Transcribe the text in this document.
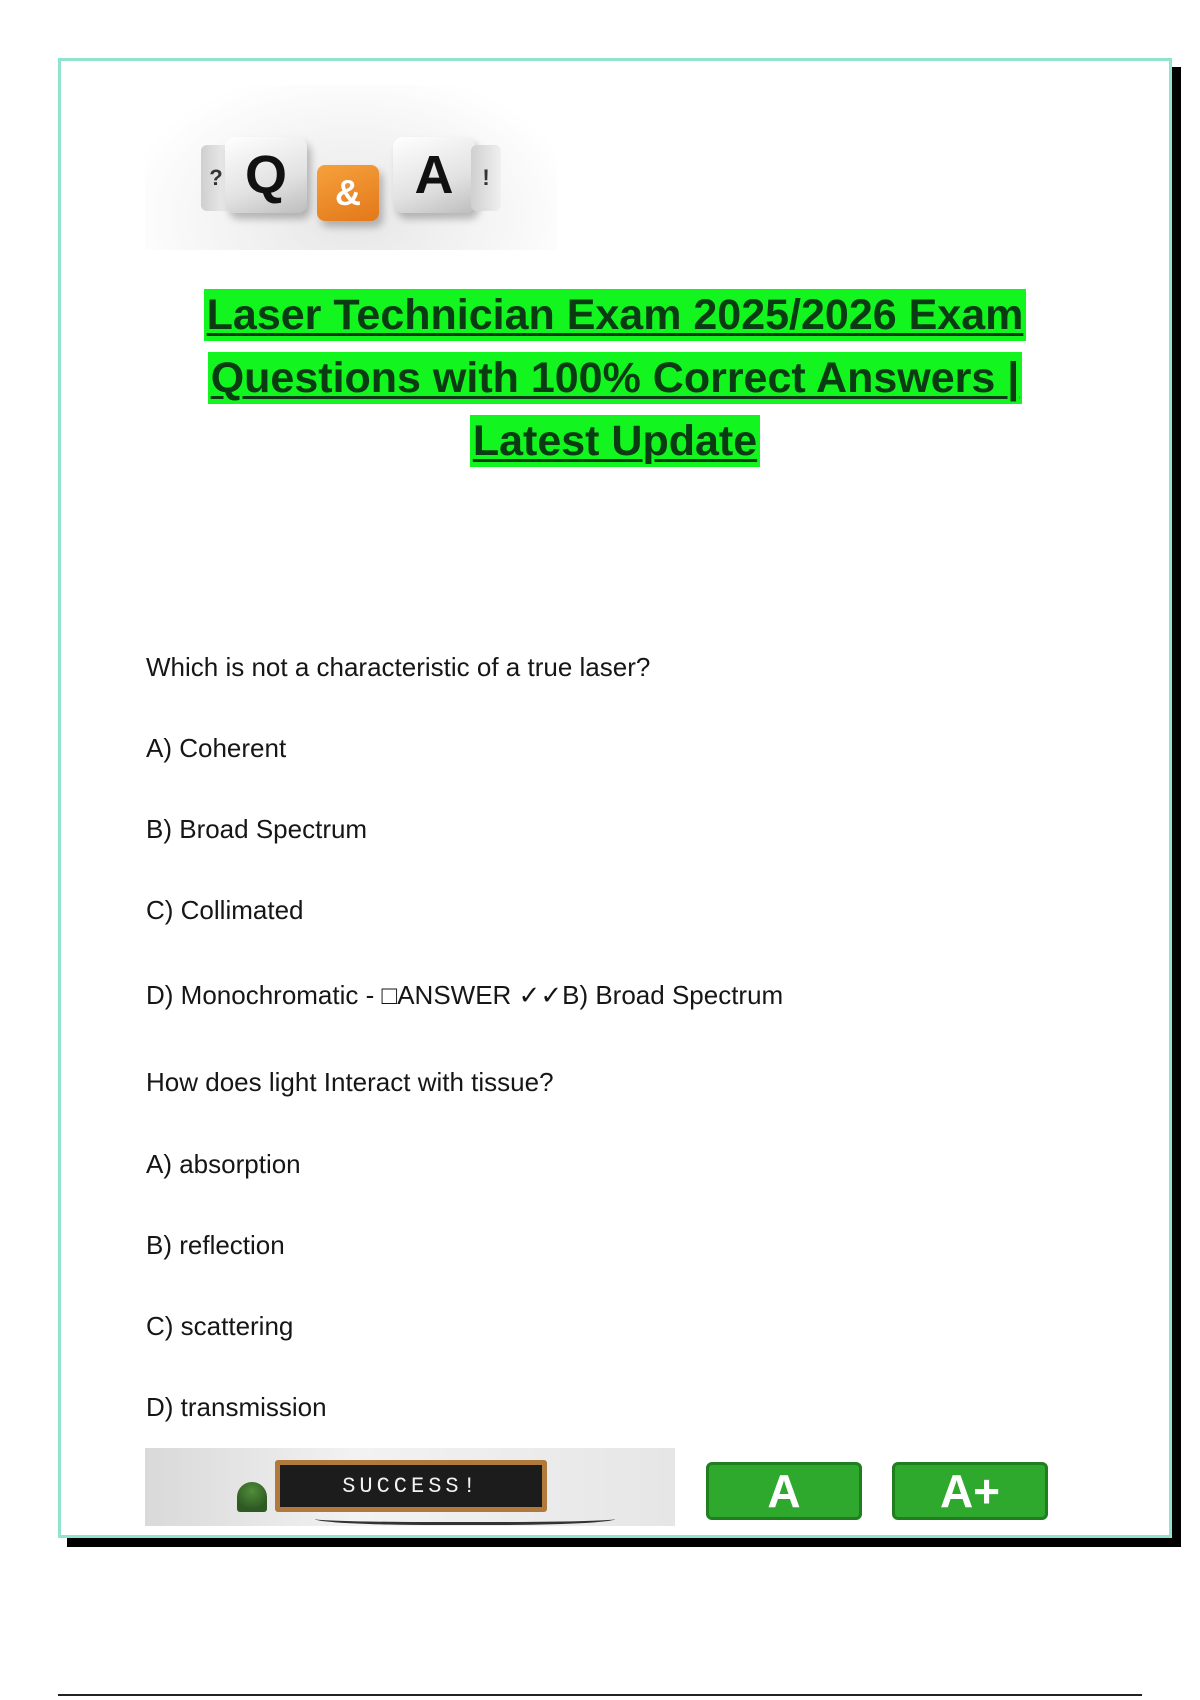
? Q	A
&	!
Laser Technician Exam 2025/2026 Exam
Questions with 100% Correct Answers |
Latest Update
Which is not a characteristic of a true laser?
A) Coherent
B) Broad Spectrum
C) Collimated
D) Monochromatic - □ANSWER ✓✓B) Broad Spectrum
How does light Interact with tissue?
A) absorption
B) reflection
C) scattering
D) transmission
SUCCESS!	A	A+
